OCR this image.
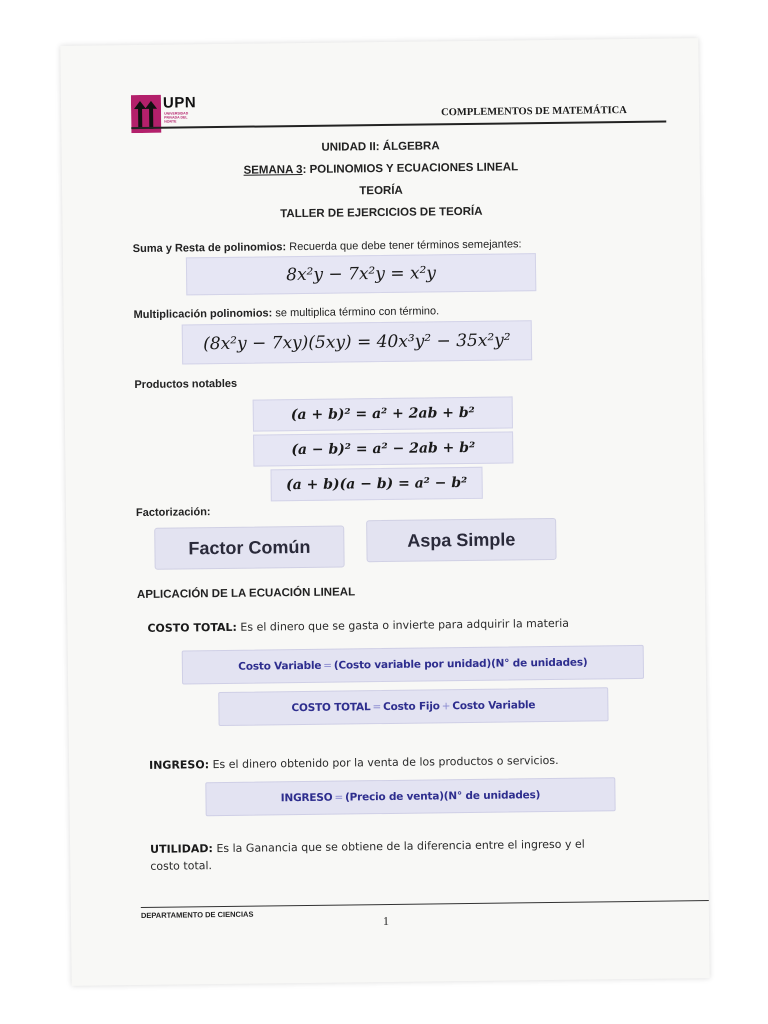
UPN
UNIVERSIDAD PRIVADA DEL NORTE
COMPLEMENTOS DE MATEMÁTICA
UNIDAD II: ÁLGEBRA
SEMANA 3: POLINOMIOS Y ECUACIONES LINEAL
TEORÍA
TALLER DE EJERCICIOS DE TEORÍA
Suma y Resta de polinomios: Recuerda que debe tener términos semejantes:
8x²y − 7x²y = x²y
Multiplicación polinomios: se multiplica término con término.
(8x²y − 7xy)(5xy) = 40x³y² − 35x²y²
Productos notables
(a + b)² = a² + 2ab + b²
(a − b)² = a² − 2ab + b²
(a + b)(a − b) = a² − b²
Factorización:
Factor Común	Aspa Simple
APLICACIÓN DE LA ECUACIÓN LINEAL
COSTO TOTAL: Es el dinero que se gasta o invierte para adquirir la materia
Costo Variable = (Costo variable por unidad) (N° de unidades)
COSTO TOTAL = Costo Fijo + Costo Variable
INGRESO: Es el dinero obtenido por la venta de los productos o servicios.
INGRESO = (Precio de venta) (N° de unidades)
UTILIDAD: Es la Ganancia que se obtiene de la diferencia entre el ingreso y el
costo total.
DEPARTAMENTO DE CIENCIAS	1
